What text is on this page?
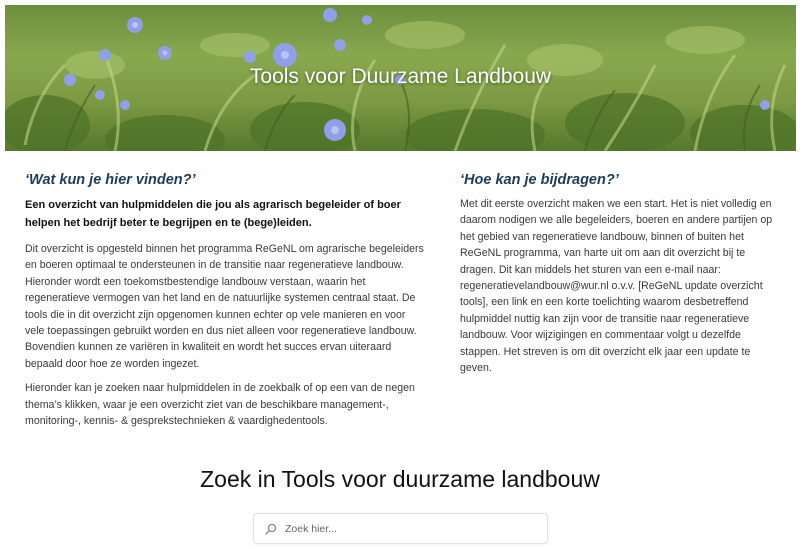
Tools voor Duurzame Landbouw
‘Wat kun je hier vinden?’

Een overzicht van hulpmiddelen die jou als agrarisch begeleider of boer helpen het bedrijf beter te begrijpen en te (bege)leiden.

Dit overzicht is opgesteld binnen het programma ReGeNL om agrarische begeleiders en boeren optimaal te ondersteunen in de transitie naar regeneratieve landbouw. Hieronder wordt een toekomstbestendige landbouw verstaan, waarin het regeneratieve vermogen van het land en de natuurlijke systemen centraal staat. De tools die in dit overzicht zijn opgenomen kunnen echter op vele manieren en voor vele toepassingen gebruikt worden en dus niet alleen voor regeneratieve landbouw. Bovendien kunnen ze variëren in kwaliteit en wordt het succes ervan uiteraard bepaald door hoe ze worden ingezet.

Hieronder kan je zoeken naar hulpmiddelen in de zoekbalk of op een van de negen thema’s klikken, waar je een overzicht ziet van de beschikbare management-, monitoring-, kennis- & gesprekstechnieken & vaardighedentools.

‘Hoe kan je bijdragen?’

Met dit eerste overzicht maken we een start. Het is niet volledig en daarom nodigen we alle begeleiders, boeren en andere partijen op het gebied van regeneratieve landbouw, binnen of buiten het ReGeNL programma, van harte uit om aan dit overzicht bij te dragen. Dit kan middels het sturen van een e-mail naar: regeneratievelandbouw@wur.nl o.v.v. [ReGeNL update overzicht tools], een link en een korte toelichting waarom desbetreffend hulpmiddel nuttig kan zijn voor de transitie naar regeneratieve landbouw. Voor wijzigingen en commentaar volgt u dezelfde stappen. Het streven is om dit overzicht elk jaar een update te geven.

Zoek in Tools voor duurzame landbouw
Zoek hier...
